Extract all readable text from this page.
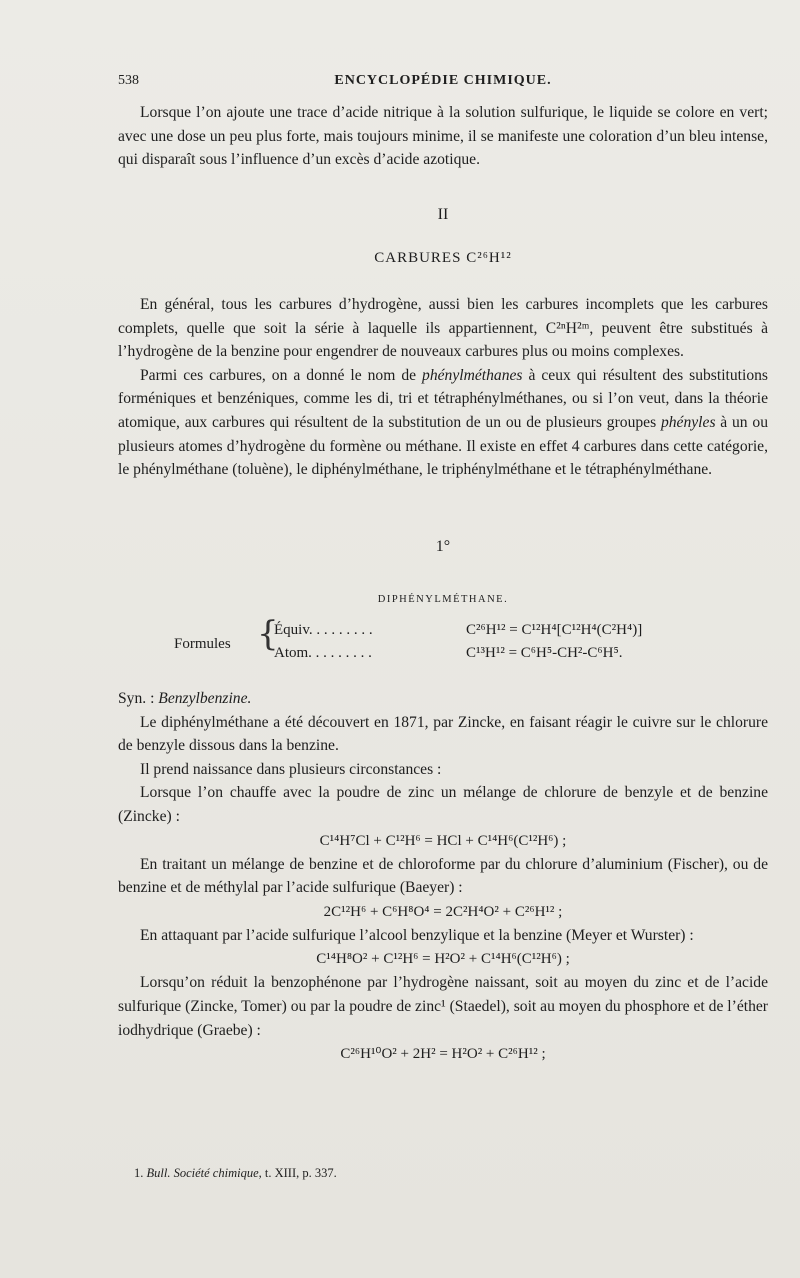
538	ENCYCLOPÉDIE CHIMIQUE.

Lorsque l’on ajoute une trace d’acide nitrique à la solution sulfurique, le liquide se colore en vert; avec une dose un peu plus forte, mais toujours minime, il se manifeste une coloration d’un bleu intense, qui disparaît sous l’influence d’un excès d’acide azotique.

II
CARBURES C²⁶H¹²

En général, tous les carbures d’hydrogène, aussi bien les carbures incomplets que les carbures complets, quelle que soit la série à laquelle ils appartiennent, C²ⁿH²ᵐ, peuvent être substitués à l’hydrogène de la benzine pour engendrer de nouveaux carbures plus ou moins complexes.

Parmi ces carbures, on a donné le nom de phénylméthanes à ceux qui résultent des substitutions forméniques et benzéniques, comme les di, tri et tétraphénylméthanes, ou si l’on veut, dans la théorie atomique, aux carbures qui résultent de la substitution de un ou de plusieurs groupes phényles à un ou plusieurs atomes d’hydrogène du formène ou méthane. Il existe en effet 4 carbures dans cette catégorie, le phénylméthane (toluène), le diphénylméthane, le triphénylméthane et le tétraphénylméthane.

1°
DIPHÉNYLMÉTHANE.
Formules {
Équiv. . . . . . . . .	C²⁶H¹² = C¹²H⁴[C¹²H⁴(C²H⁴)]
Atom. . . . . . . . .	C¹³H¹² = C⁶H⁵-CH²-C⁶H⁵.

Syn. : Benzylbenzine.

Le diphénylméthane a été découvert en 1871, par Zincke, en faisant réagir le cuivre sur le chlorure de benzyle dissous dans la benzine.

Il prend naissance dans plusieurs circonstances :

Lorsque l’on chauffe avec la poudre de zinc un mélange de chlorure de benzyle et de benzine (Zincke) :

C¹⁴H⁷Cl + C¹²H⁶ = HCl + C¹⁴H⁶(C¹²H⁶) ;

En traitant un mélange de benzine et de chloroforme par du chlorure d’aluminium (Fischer), ou de benzine et de méthylal par l’acide sulfurique (Baeyer) :

2C¹²H⁶ + C⁶H⁸O⁴ = 2C²H⁴O² + C²⁶H¹² ;

En attaquant par l’acide sulfurique l’alcool benzylique et la benzine (Meyer et Wurster) :

C¹⁴H⁸O² + C¹²H⁶ = H²O² + C¹⁴H⁶(C¹²H⁶) ;

Lorsqu’on réduit la benzophénone par l’hydrogène naissant, soit au moyen du zinc et de l’acide sulfurique (Zincke, Tomer) ou par la poudre de zinc¹ (Staedel), soit au moyen du phosphore et de l’éther iodhydrique (Graebe) :

C²⁶H¹⁰O² + 2H² = H²O² + C²⁶H¹² ;
1. Bull. Société chimique, t. XIII, p. 337.
